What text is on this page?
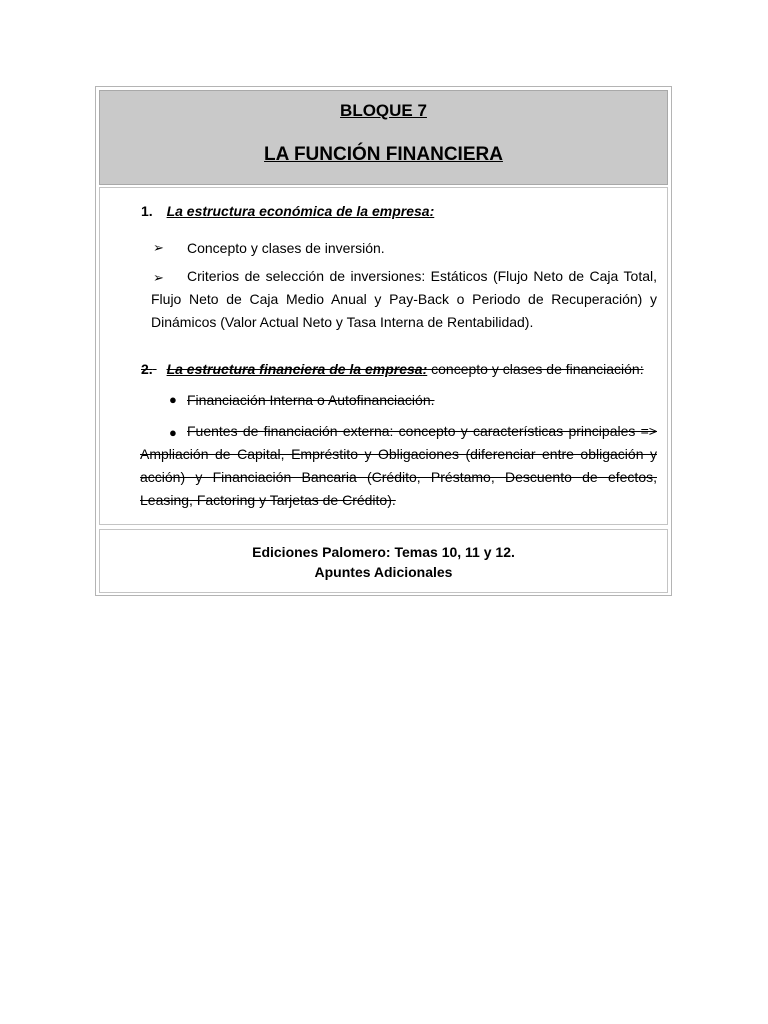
BLOQUE 7
LA FUNCIÓN FINANCIERA
1. La estructura económica de la empresa:
➢ Concepto y clases de inversión.
➢	Criterios de selección de inversiones: Estáticos (Flujo Neto de Caja Total, Flujo Neto de Caja Medio Anual y Pay-Back o Periodo de Recuperación) y Dinámicos (Valor Actual Neto y Tasa Interna de Rentabilidad).
2. La estructura financiera de la empresa: concepto y clases de financiación:
● Financiación Interna o Autofinanciación.
● Fuentes de financiación externa: concepto y características principales => Ampliación de Capital, Empréstito y Obligaciones (diferenciar entre obligación y acción) y Financiación Bancaria (Crédito, Préstamo, Descuento de efectos, Leasing, Factoring y Tarjetas de Crédito).
Ediciones Palomero: Temas 10, 11 y 12.
Apuntes Adicionales
